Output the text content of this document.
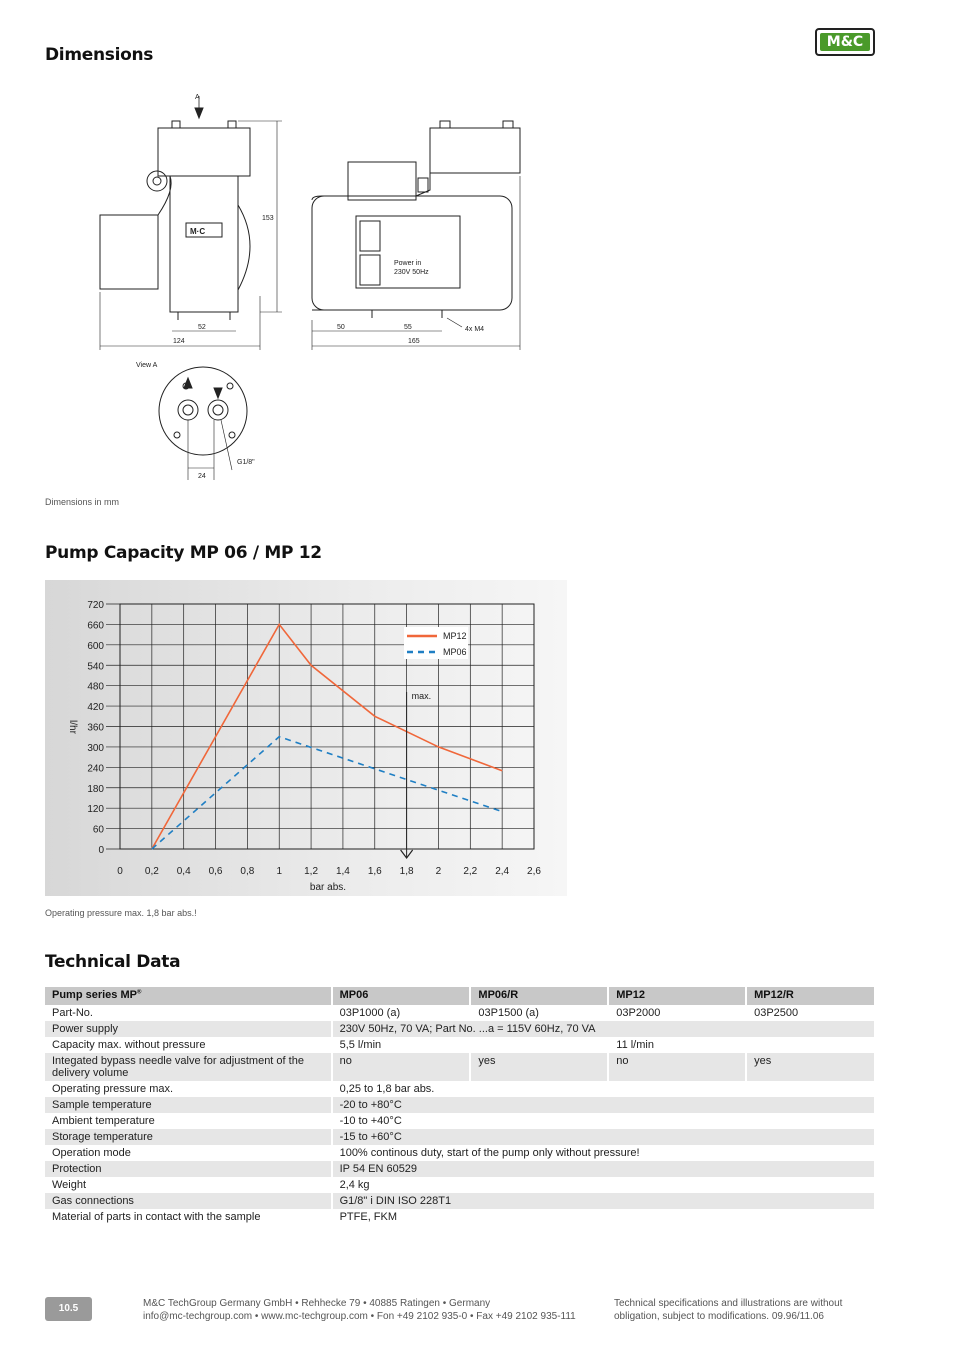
Dimensions
M&C
A
153
52
124
M·C
Power in
230V 50Hz
50	55
165
4x M4
View A
G1/8"
24
Dimensions in mm
Pump Capacity MP 06 / MP 12
0 0,2 0,4 0,6 0,8 1 1,2 1,4 1,6 1,8 2 2,2 2,4 2,6
0
60
120
180
240
300
360
420
480
540
600
660
720
max.
MP12
MP06
bar abs.
l/hr
Operating pressure max. 1,8 bar abs.!
Technical Data
Pump series MP®	MP06	MP06/R	MP12	MP12/R
Part-No.	03P1000 (a)	03P1500 (a)	03P2000	03P2500
Power supply	230V 50Hz, 70 VA; Part No. ...a = 115V 60Hz, 70 VA			
Capacity max. without pressure	5,5 l/min		11 l/min	
Integated bypass needle valve for adjustment of the delivery volume	no	yes	no	yes
Operating pressure max.	0,25 to 1,8 bar abs.			
Sample temperature	-20 to +80°C			
Ambient temperature	-10 to +40°C			
Storage temperature	-15 to +60°C			
Operation mode	100% continous duty, start of the pump only without pressure!			
Protection	IP 54 EN 60529			
Weight	2,4 kg			
Gas connections	G1/8" i DIN ISO 228T1			
Material of parts in contact with the sample	PTFE, FKM			
10.5	M&C TechGroup Germany GmbH • Rehhecke 79 • 40885 Ratingen • Germany
info@mc-techgroup.com • www.mc-techgroup.com • Fon +49 2102 935-0 • Fax +49 2102 935-111
Technical specifications and illustrations are without
obligation, subject to modifications. 09.96/11.06
